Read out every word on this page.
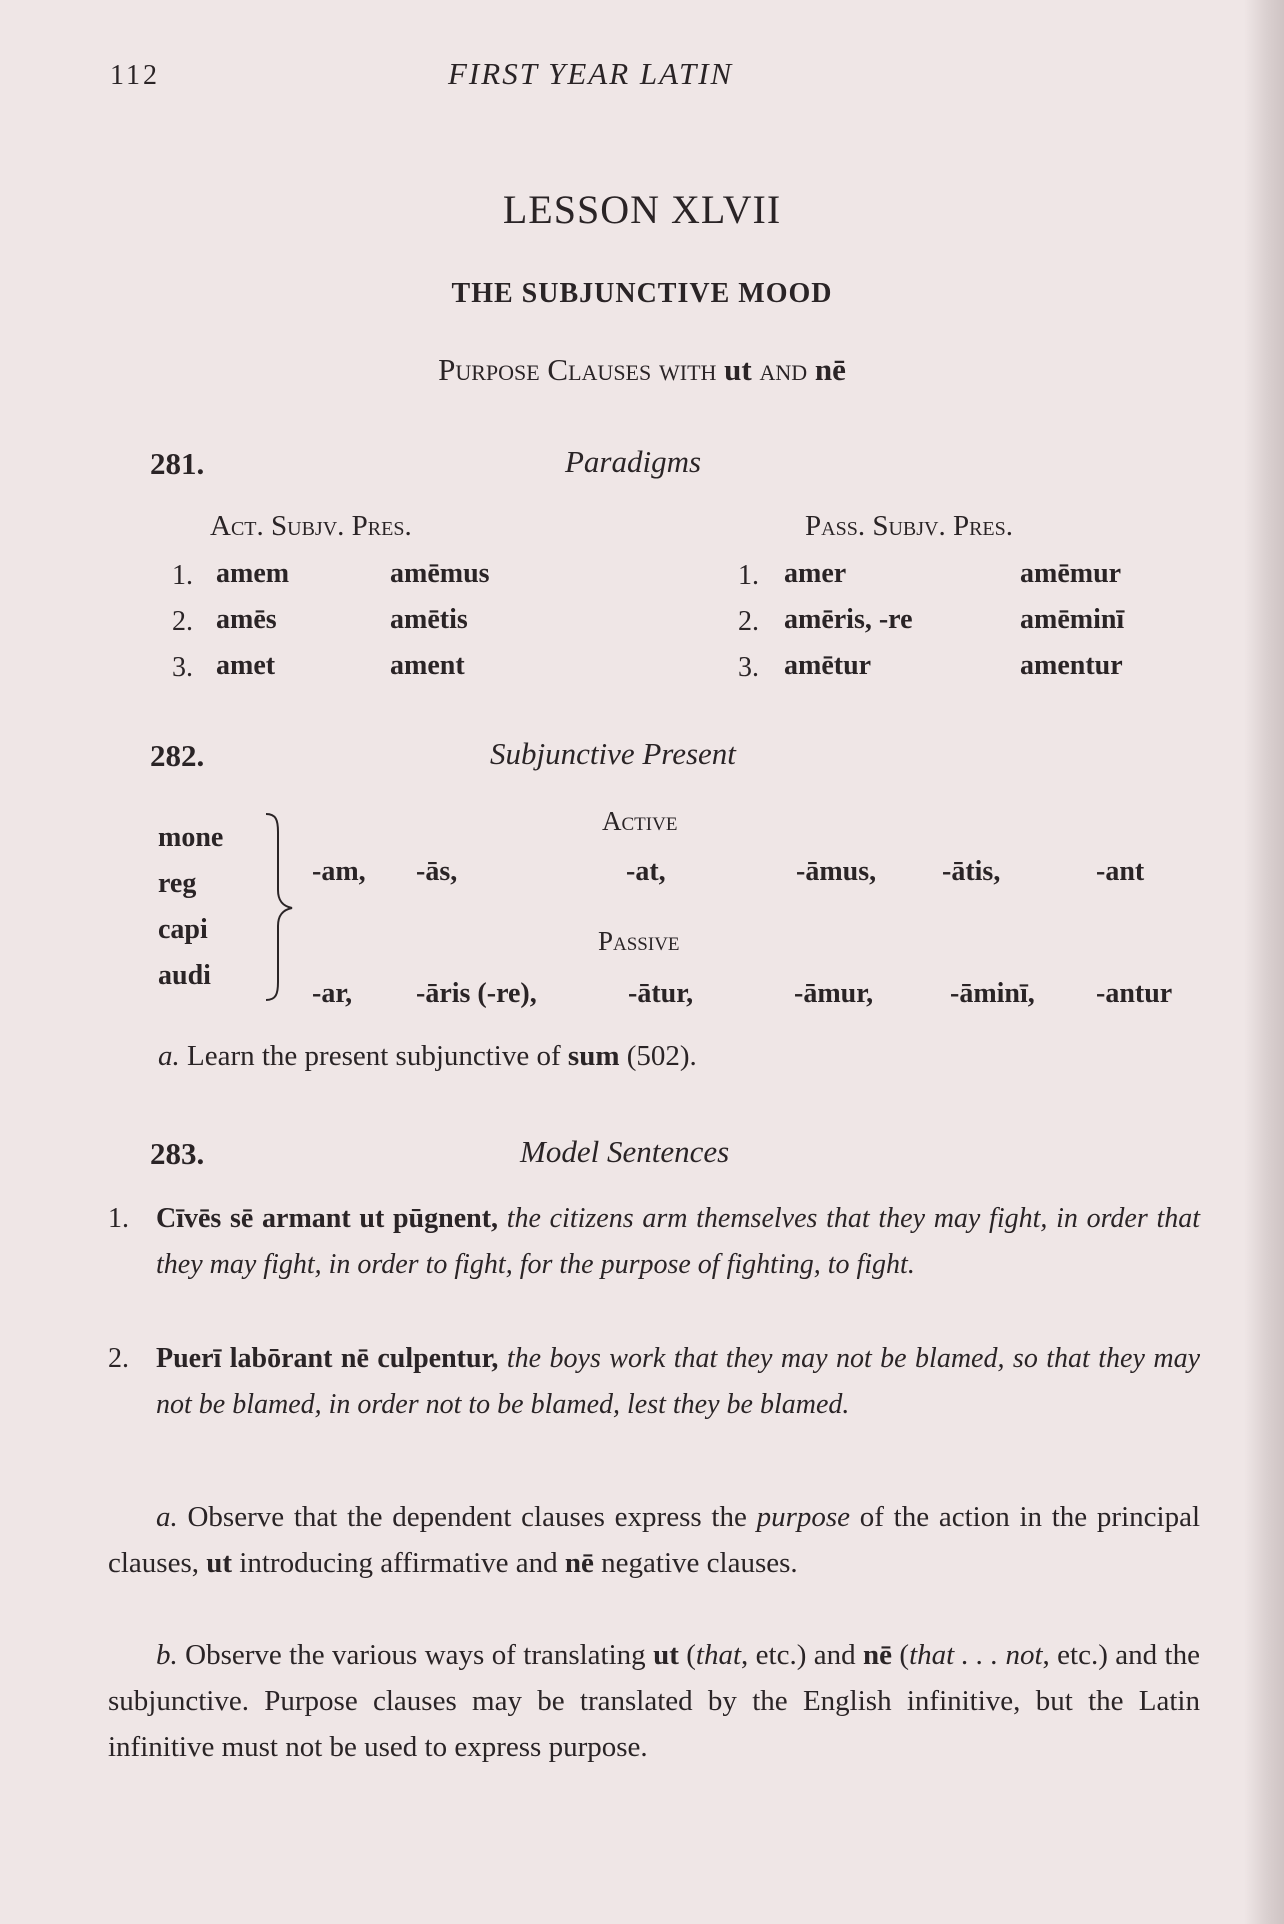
112	FIRST YEAR LATIN
LESSON XLVII
THE SUBJUNCTIVE MOOD
Purpose Clauses with ut and nē
281.	Paradigms
Act. Subjv. Pres.	Pass. Subjv. Pres.
1. amem	amēmus
2. amēs	amētis
3. amet	ament
1. amer	amēmur
2. amēris, -re	amēminī
3. amētur	amentur
282.	Subjunctive Present
mone
reg
capi
audi
Active
-am, -ās,	-at,	-āmus, -ātis,	-ant
Passive
-ar, -āris (-re),	-ātur,	-āmur,	-āminī, -antur
a. Learn the present subjunctive of sum (502).
283.	Model Sentences
1. Cīvēs sē armant ut pūgnent, the citizens arm themselves that they may fight, in order that they may fight, in order to fight, for the purpose of fighting, to fight.
2. Puerī labōrant nē culpentur, the boys work that they may not be blamed, so that they may not be blamed, in order not to be blamed, lest they be blamed.
a. Observe that the dependent clauses express the purpose of the action in the principal clauses, ut introducing affirmative and nē negative clauses.
b. Observe the various ways of translating ut (that, etc.) and nē (that . . . not, etc.) and the subjunctive. Purpose clauses may be translated by the English infinitive, but the Latin infinitive must not be used to express purpose.
